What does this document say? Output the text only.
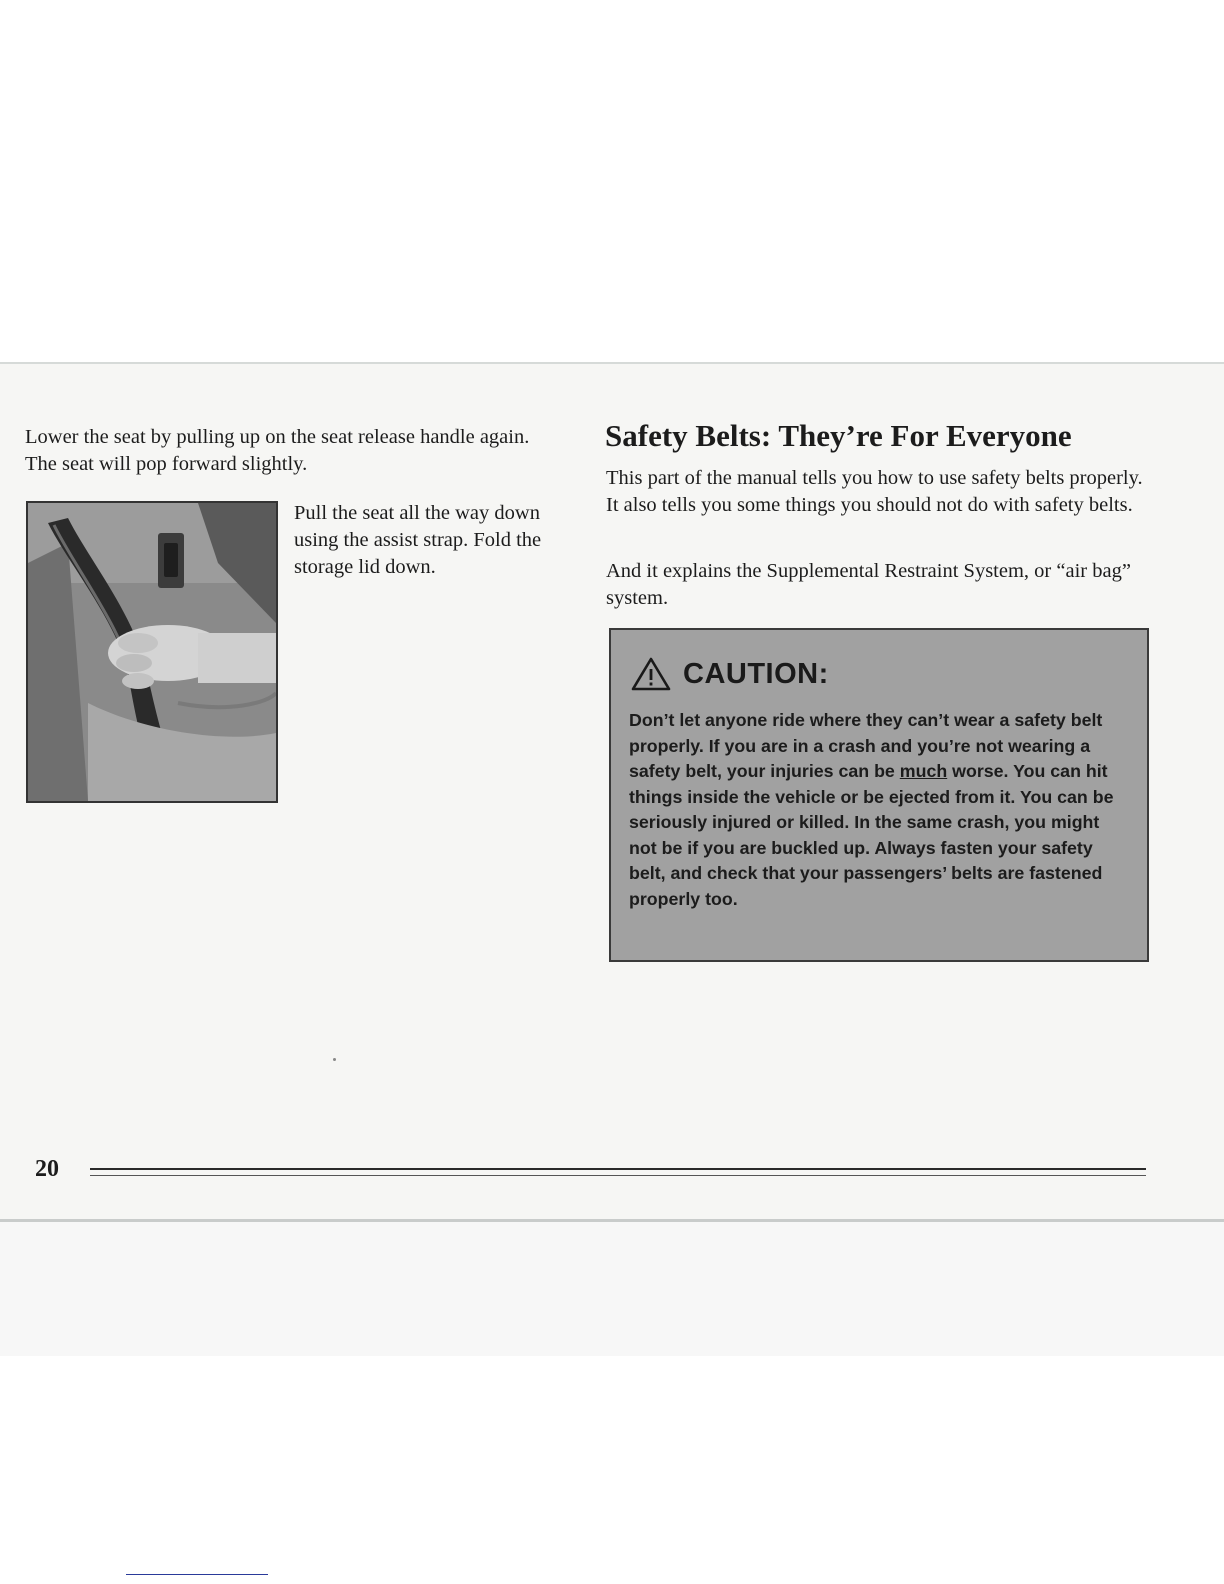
Lower the seat by pulling up on the seat release handle again. The seat will pop forward slightly.

Pull the seat all the way down using the assist strap. Fold the storage lid down.

Safety Belts: They’re For Everyone

This part of the manual tells you how to use safety belts properly. It also tells you some things you should not do with safety belts.

And it explains the Supplemental Restraint System, or “air bag” system.

CAUTION:

Don’t let anyone ride where they can’t wear a safety belt properly. If you are in a crash and you’re not wearing a safety belt, your injuries can be much worse. You can hit things inside the vehicle or be ejected from it. You can be seriously injured or killed. In the same crash, you might not be if you are buckled up. Always fasten your safety belt, and check that your passengers’ belts are fastened properly too.

20
